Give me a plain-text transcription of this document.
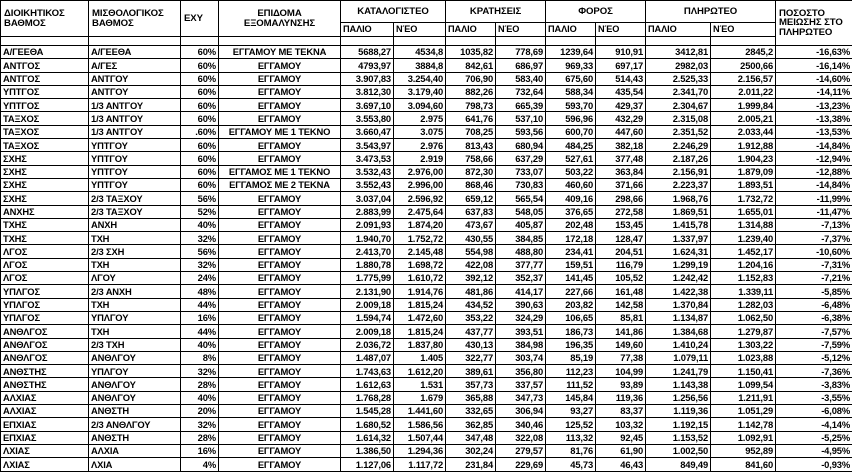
ΔΙΟΙΚΗΤΙΚΟΣ
ΒΑΘΜΟΣ	ΜΙΣΘΟΛΟΓΙΚΟΣ
ΒΑΘΜΟΣ	ΕΧΥ	ΕΠΙΔΟΜΑ
ΕΞΟΜΑΛΥΝΣΗΣ	ΚΑΤΑΛΟΓΙΣΤΕΟ		ΚΡΑΤΗΣΕΙΣ		ΦΟΡΟΣ		ΠΛΗΡΩΤΕΟ		ΠΟΣΟΣΤΟ
ΜΕΙΩΣΗΣ ΣΤΟ
ΠΛΗΡΩΤΕΟ

				ΠΑΛΙΟ	ΝΈΟ	ΠΑΛΙΟ	ΝΈΟ	ΠΑΛΙΟ	ΝΈΟ	ΠΑΛΙΟ	ΝΈΟ	

Α/ΓΕΕΘΑ	Α/ΓΕΕΘΑ	60%	ΕΓΓΑΜΟΥ ΜΕ ΤΕΚΝΑ	5688,27	4534,8	1035,82	778,69	1239,64	910,91	3412,81	2845,2	-16,63%
ΑΝΤΓΟΣ	Α/ΓΕΣ	60%	ΕΓΓΑΜΟΥ	4793,97	3884,8	842,61	686,97	969,33	697,17	2982,03	2500,66	-16,14%
ΑΝΤΓΟΣ	ΑΝΤΓΟΥ	60%	ΕΓΓΑΜΟΥ	3.907,83	3.254,40	706,90	583,40	675,60	514,43	2.525,33	2.156,57	-14,60%
ΥΠΤΓΟΣ	ΑΝΤΓΟΥ	60%	ΕΓΓΑΜΟΥ	3.812,30	3.179,40	882,26	732,64	588,34	435,54	2.341,70	2.011,22	-14,11%
ΥΠΤΓΟΣ	1/3 ΑΝΤΓΟΥ	60%	ΕΓΓΑΜΟΥ	3.697,10	3.094,60	798,73	665,39	593,70	429,37	2.304,67	1.999,84	-13,23%
ΤΑΞΧΟΣ	1/3 ΑΝΤΓΟΥ	60%	ΕΓΓΑΜΟΥ	3.553,80	2.975	641,76	537,10	596,96	432,29	2.315,08	2.005,21	-13,38%
ΤΑΞΧΟΣ	1/3 ΑΝΤΓΟΥ	.60%	ΕΓΓΑΜΟΥ ΜΕ 1 ΤΕΚΝΟ	3.660,47	3.075	708,25	593,56	600,70	447,60	2.351,52	2.033,44	-13,53%
ΤΑΞΧΟΣ	ΥΠΤΓΟΥ	60%	ΕΓΓΑΜΟΥ	3.543,97	2.976	813,43	680,94	484,25	382,18	2.246,29	1.912,88	-14,84%
ΣΧΗΣ	ΥΠΤΓΟΥ	60%	ΕΓΓΑΜΟΥ	3.473,53	2.919	758,66	637,29	527,61	377,48	2.187,26	1.904,23	-12,94%
ΣΧΗΣ	ΥΠΤΓΟΥ	60%	ΕΓΓΑΜΟΣ ΜΕ 1 ΤΕΚΝΟ	3.532,43	2.976,00	872,30	733,07	503,22	363,84	2.156,91	1.879,09	-12,88%
ΣΧΗΣ	ΥΠΤΓΟΥ	60%	ΕΓΓΑΜΟΣ ΜΕ 2 ΤΕΚΝΑ	3.552,43	2.996,00	868,46	730,83	460,60	371,66	2.223,37	1.893,51	-14,84%
ΣΧΗΣ	2/3 ΤΑΞΧΟΥ	56%	ΕΓΓΑΜΟΥ	3.037,04	2.596,92	659,12	565,54	409,16	298,66	1.968,76	1.732,72	-11,99%
ΑΝΧΗΣ	2/3 ΤΑΞΧΟΥ	52%	ΕΓΓΑΜΟΥ	2.883,99	2.475,64	637,83	548,05	376,65	272,58	1.869,51	1.655,01	-11,47%
ΤΧΗΣ	ΑΝΧΗ	40%	ΕΓΓΑΜΟΥ	2.091,93	1.874,20	473,67	405,87	202,48	153,45	1.415,78	1.314,88	-7,13%
ΤΧΗΣ	ΤΧΗ	32%	ΕΓΓΑΜΟΥ	1.940,70	1.752,72	430,55	384,85	172,18	128,47	1.337,97	1.239,40	-7,37%
ΛΓΟΣ	2/3 ΣΧΗ	56%	ΕΓΓΑΜΟΥ	2.413,70	2.145,48	554,98	488,80	234,41	204,51	1.624,31	1.452,17	-10,60%
ΛΓΟΣ	ΤΧΗ	32%	ΕΓΓΑΜΟΥ	1.880,78	1.698,72	422,08	377,77	159,51	116,79	1.299,19	1.204,16	-7,31%
ΛΓΟΣ	ΛΓΟΥ	24%	ΕΓΓΑΜΟΥ	1.775,99	1.610,72	392,12	352,37	141,45	105,52	1.242,42	1.152,83	-7,21%
ΥΠΛΓΟΣ	2/3 ΑΝΧΗ	48%	ΕΓΓΑΜΟΥ	2.131,90	1.914,76	481,86	414,17	227,66	161,48	1.422,38	1.339,11	-5,85%
ΥΠΛΓΟΣ	ΤΧΗ	44%	ΕΓΓΑΜΟΥ	2.009,18	1.815,24	434,52	390,63	203,82	142,58	1.370,84	1.282,03	-6,48%
ΥΠΛΓΟΣ	ΥΠΛΓΟΥ	16%	ΕΓΓΑΜΟΥ	1.594,74	1.472,60	353,22	324,29	106,65	85,81	1.134,87	1.062,50	-6,38%
ΑΝΘΛΓΟΣ	ΤΧΗ	44%	ΕΓΓΑΜΟΥ	2.009,18	1.815,24	437,77	393,51	186,73	141,86	1.384,68	1.279,87	-7,57%
ΑΝΘΛΓΟΣ	2/3 ΤΧΗ	40%	ΕΓΓΑΜΟΥ	2.036,72	1.837,80	430,13	384,98	196,35	149,60	1.410,24	1.303,22	-7,59%
ΑΝΘΛΓΟΣ	ΑΝΘΛΓΟΥ	8%	ΕΓΓΑΜΟΥ	1.487,07	1.405	322,77	303,74	85,19	77,38	1.079,11	1.023,88	-5,12%
ΑΝΘΣΤΗΣ	ΥΠΛΓΟΥ	32%	ΕΓΓΑΜΟΥ	1.743,63	1.612,20	389,61	356,80	112,23	104,99	1.241,79	1.150,41	-7,36%
ΑΝΘΣΤΗΣ	ΑΝΘΛΓΟΥ	28%	ΕΓΓΑΜΟΥ	1.612,63	1.531	357,73	337,57	111,52	93,89	1.143,38	1.099,54	-3,83%
ΑΛΧΙΑΣ	ΑΝΘΛΓΟΥ	40%	ΕΓΓΑΜΟΥ	1.768,28	1.679	365,88	347,73	145,84	119,36	1.256,56	1.211,91	-3,55%
ΑΛΧΙΑΣ	ΑΝΘΣΤΗ	20%	ΕΓΓΑΜΟΥ	1.545,28	1.441,60	332,65	306,94	93,27	83,37	1.119,36	1.051,29	-6,08%
ΕΠΧΙΑΣ	2/3 ΑΝΘΛΓΟΥ	32%	ΕΓΓΑΜΟΥ	1.680,52	1.586,56	362,85	340,46	125,52	103,32	1.192,15	1.142,78	-4,14%
ΕΠΧΙΑΣ	ΑΝΘΣΤΗ	28%	ΕΓΓΑΜΟΥ	1.614,32	1.507,44	347,48	322,08	113,32	92,45	1.153,52	1.092,91	-5,25%
ΛΧΙΑΣ	ΑΛΧΙΑ	16%	ΕΓΓΑΜΟΥ	1.386,50	1.294,36	302,24	279,57	81,76	61,90	1.002,50	952,89	-4,95%
ΛΧΙΑΣ	ΛΧΙΑ	4%	ΕΓΓΑΜΟΥ	1.127,06	1.117,72	231,84	229,69	45,73	46,43	849,49	841,60	-0,93%
